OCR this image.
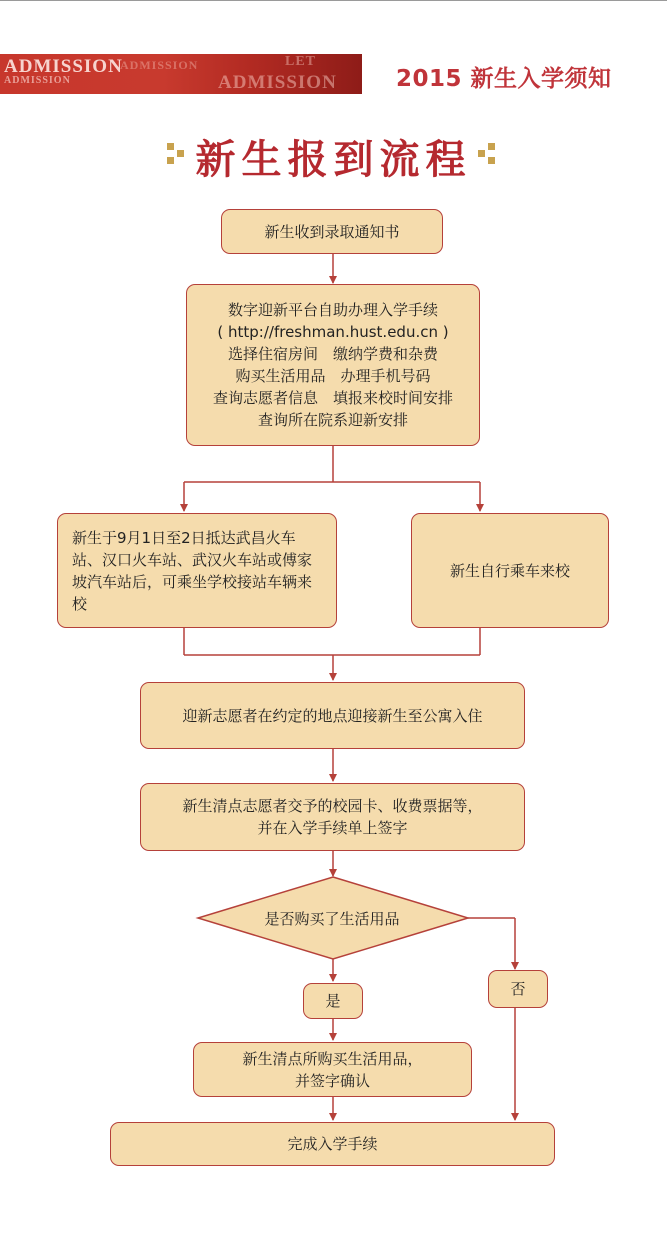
ADMISSION
ADMISSION	ADMISSION
ADMISSION	LET
2015 新生入学须知
新生报到流程
新生收到录取通知书
数字迎新平台自助办理入学手续
( http://freshman.hust.edu.cn )
选择住宿房间　缴纳学费和杂费
购买生活用品　办理手机号码
查询志愿者信息　填报来校时间安排
查询所在院系迎新安排
新生于9月1日至2日抵达武昌火车站、汉口火车站、武汉火车站或傅家坡汽车站后，可乘坐学校接站车辆来校
新生自行乘车来校
迎新志愿者在约定的地点迎接新生至公寓入住
新生清点志愿者交予的校园卡、收费票据等，
并在入学手续单上签字
是否购买了生活用品
是
否
新生清点所购买生活用品，
并签字确认
完成入学手续
